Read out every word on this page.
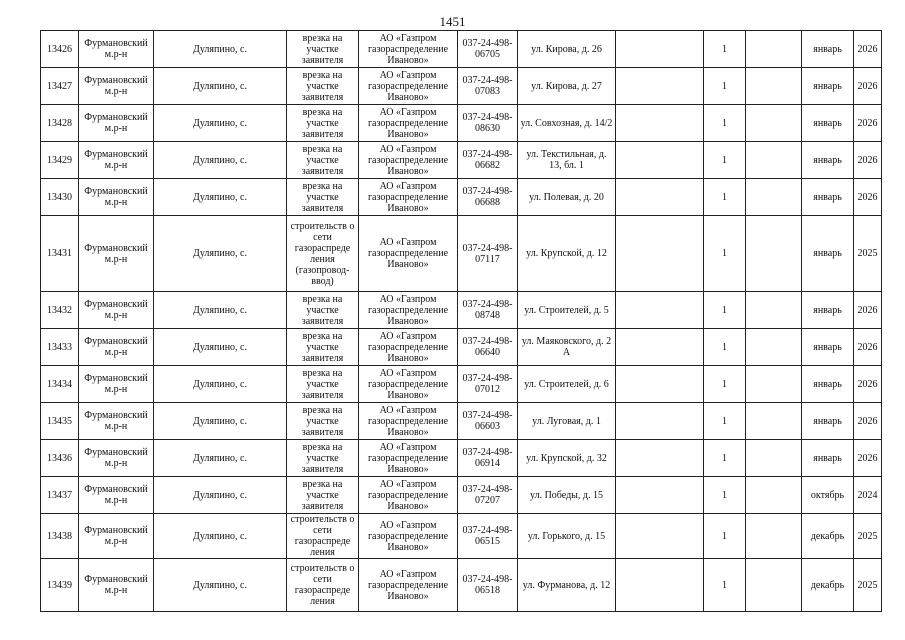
1451
13426	Фурмановский м.р-н	Дуляпино, с.	врезка на участке заявителя	АО «Газпром газораспределение Иваново»	037-24-498-06705	ул. Кирова, д. 26		1		январь	2026
13427	Фурмановский м.р-н	Дуляпино, с.	врезка на участке заявителя	АО «Газпром газораспределение Иваново»	037-24-498-07083	ул. Кирова, д. 27		1		январь	2026
13428	Фурмановский м.р-н	Дуляпино, с.	врезка на участке заявителя	АО «Газпром газораспределение Иваново»	037-24-498-08630	ул. Совхозная, д. 14/2		1		январь	2026
13429	Фурмановский м.р-н	Дуляпино, с.	врезка на участке заявителя	АО «Газпром газораспределение Иваново»	037-24-498-06682	ул. Текстильная, д. 13, бл. 1		1		январь	2026
13430	Фурмановский м.р-н	Дуляпино, с.	врезка на участке заявителя	АО «Газпром газораспределение Иваново»	037-24-498-06688	ул. Полевая, д. 20		1		январь	2026
13431	Фурмановский м.р-н	Дуляпино, с.	строительств о сети газораспреде ления (газопровод-ввод)	АО «Газпром газораспределение Иваново»	037-24-498-07117	ул. Крупской, д. 12		1		январь	2025
13432	Фурмановский м.р-н	Дуляпино, с.	врезка на участке заявителя	АО «Газпром газораспределение Иваново»	037-24-498-08748	ул. Строителей, д. 5		1		январь	2026
13433	Фурмановский м.р-н	Дуляпино, с.	врезка на участке заявителя	АО «Газпром газораспределение Иваново»	037-24-498-06640	ул. Маяковского, д. 2 А		1		январь	2026
13434	Фурмановский м.р-н	Дуляпино, с.	врезка на участке заявителя	АО «Газпром газораспределение Иваново»	037-24-498-07012	ул. Строителей, д. 6		1		январь	2026
13435	Фурмановский м.р-н	Дуляпино, с.	врезка на участке заявителя	АО «Газпром газораспределение Иваново»	037-24-498-06603	ул. Луговая, д. 1		1		январь	2026
13436	Фурмановский м.р-н	Дуляпино, с.	врезка на участке заявителя	АО «Газпром газораспределение Иваново»	037-24-498-06914	ул. Крупской, д. 32		1		январь	2026
13437	Фурмановский м.р-н	Дуляпино, с.	врезка на участке заявителя	АО «Газпром газораспределение Иваново»	037-24-498-07207	ул. Победы, д. 15		1		октябрь	2024
13438	Фурмановский м.р-н	Дуляпино, с.	строительств о сети газораспреде ления	АО «Газпром газораспределение Иваново»	037-24-498-06515	ул. Горького, д. 15		1		декабрь	2025
13439	Фурмановский м.р-н	Дуляпино, с.	строительств о сети газораспреде ления	АО «Газпром газораспределение Иваново»	037-24-498-06518	ул. Фурманова, д. 12		1		декабрь	2025
